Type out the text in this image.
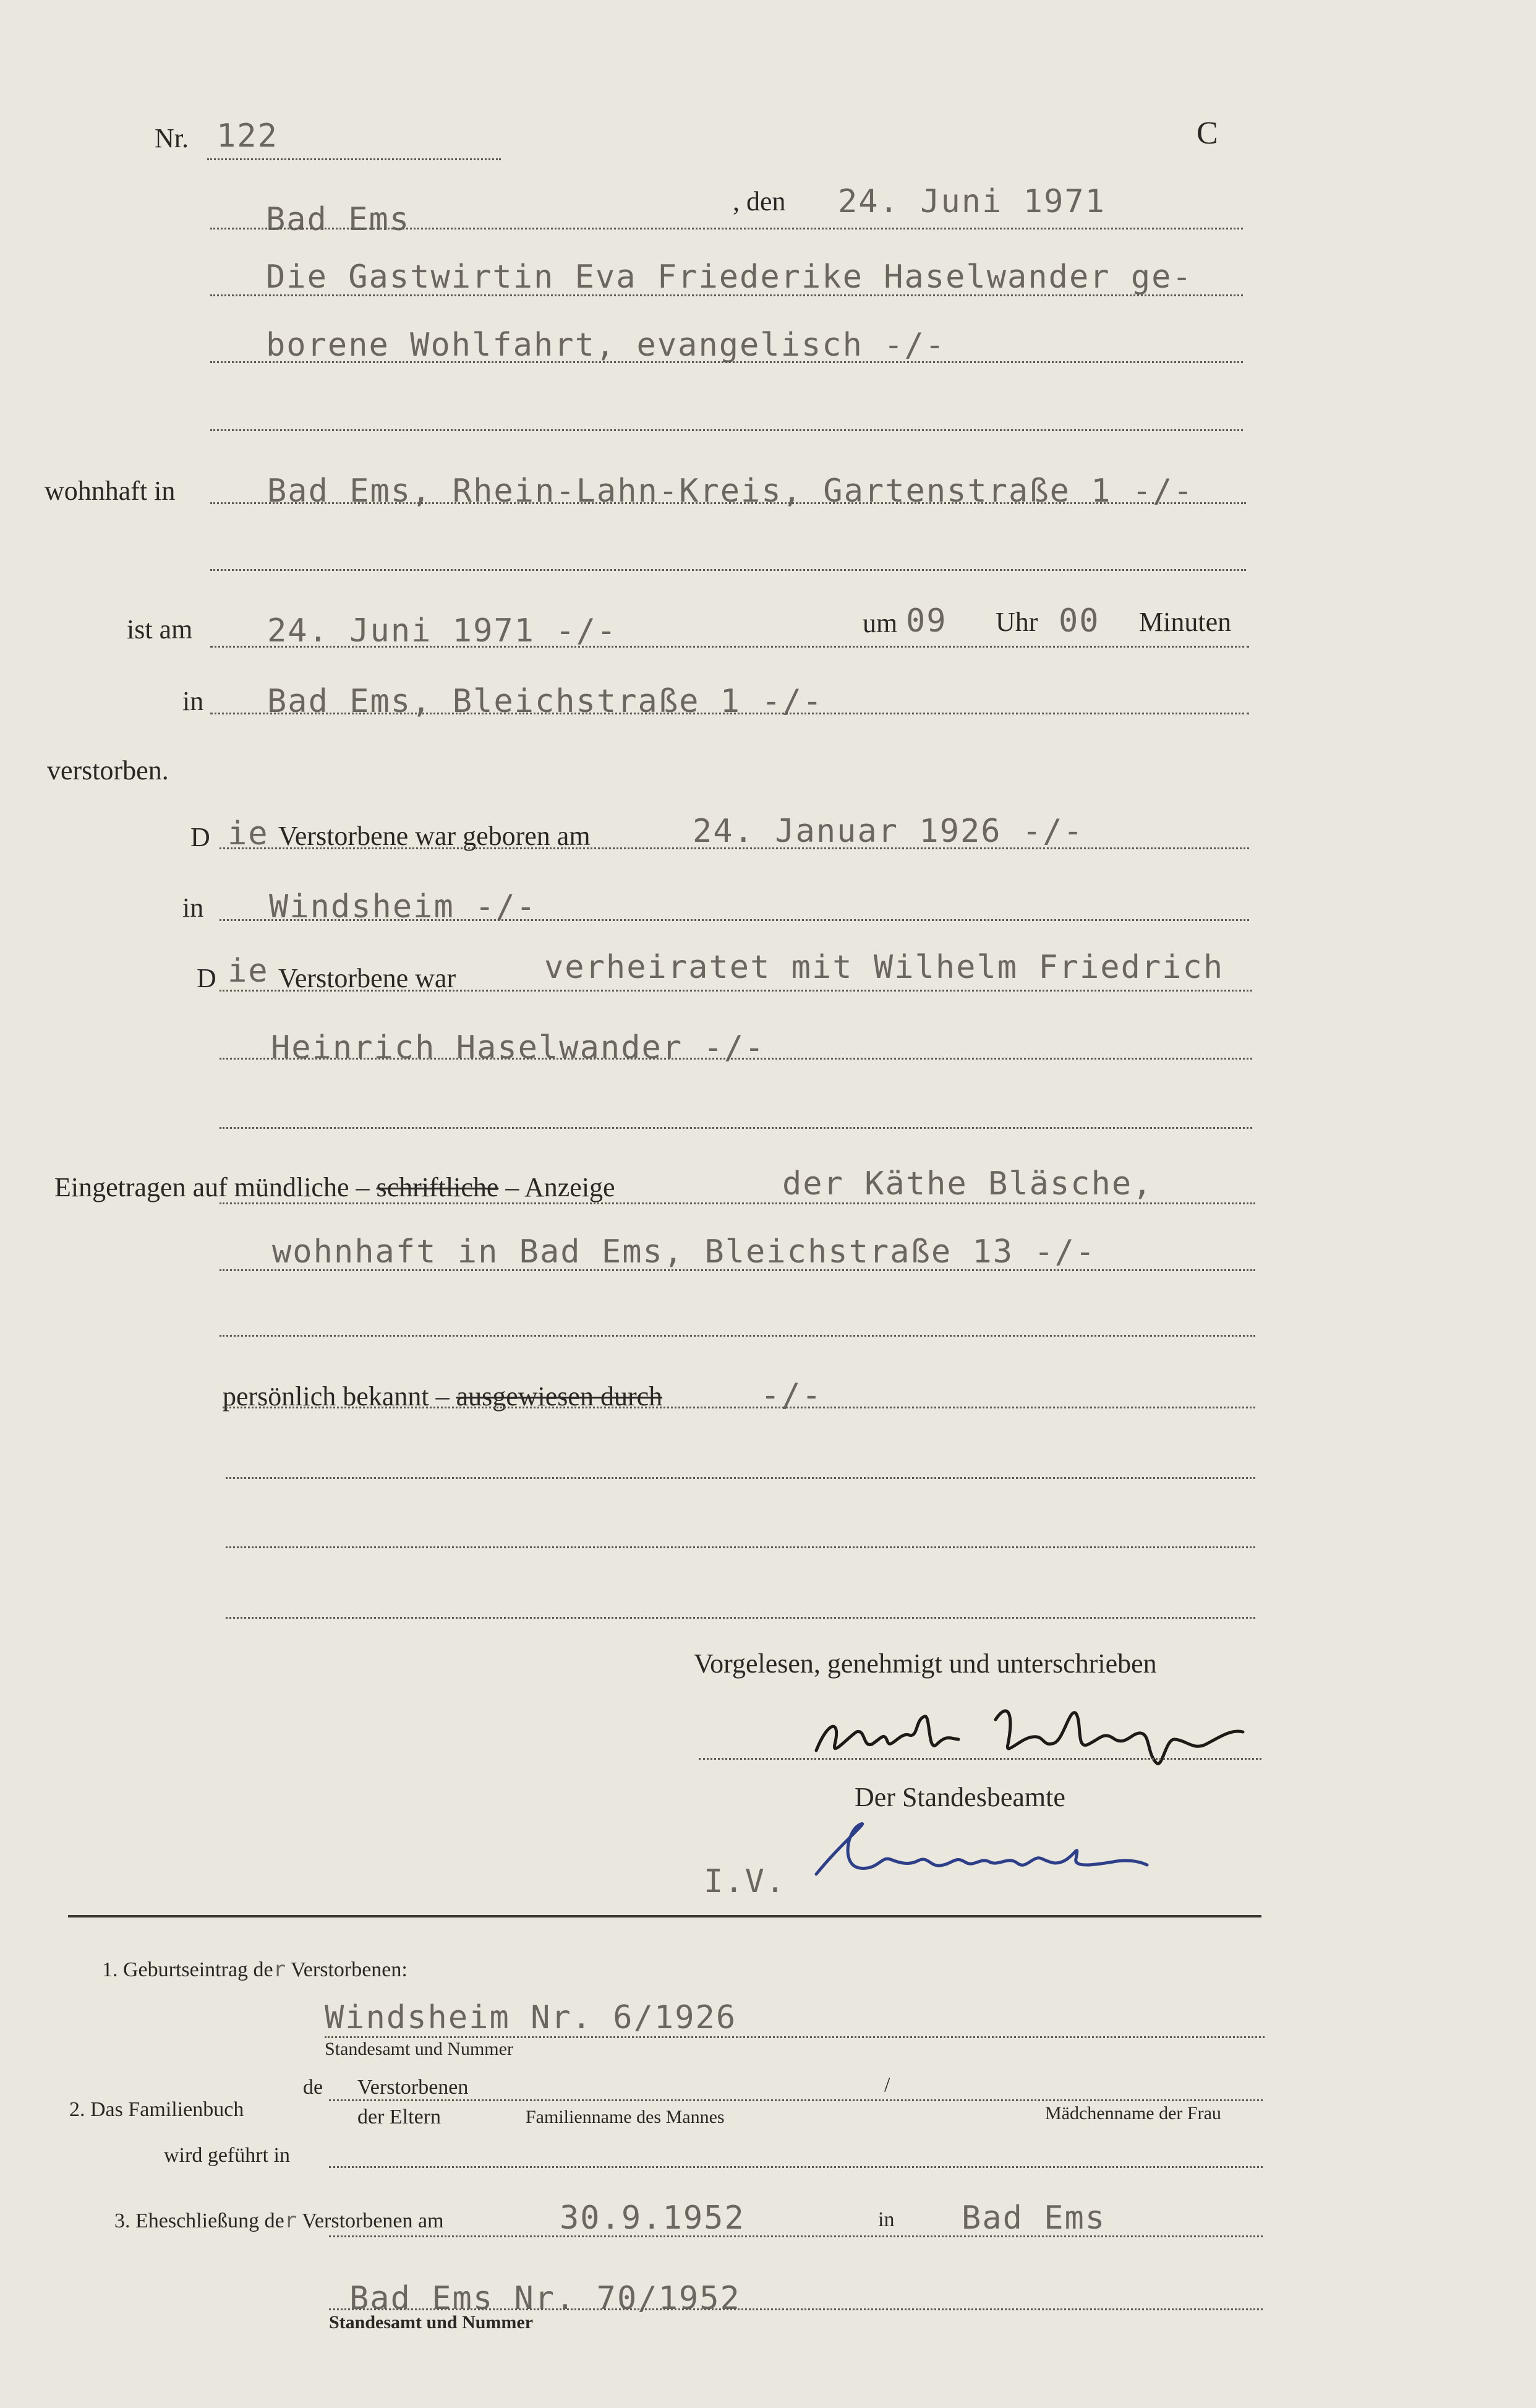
Nr. 122	C
Bad Ems	, den 24. Juni 1971
Die Gastwirtin Eva Friederike Haselwander ge-
borene Wohlfahrt, evangelisch -/-
wohnhaft in	Bad Ems, Rhein-Lahn-Kreis, Gartenstraße 1 -/-
ist am 24. Juni 1971 -/-	um 09 Uhr 00 Minuten
in Bad Ems, Bleichstraße 1 -/-
verstorben.
D ie Verstorbene war geboren am	24. Januar 1926 -/-
in Windsheim -/-
D ie Verstorbene war	verheiratet mit Wilhelm Friedrich
Heinrich Haselwander -/-
Eingetragen auf mündliche – schriftliche – Anzeige	der Käthe Bläsche,
wohnhaft in Bad Ems, Bleichstraße 13 -/-
persönlich bekannt – ausgewiesen durch	-/-
Vorgelesen, genehmigt und unterschrieben
Der Standesbeamte
I.V.
1. Geburtseintrag der Verstorbenen:
Windsheim Nr. 6/1926
Standesamt und Nummer
2. Das Familienbuch
de Verstorbenen	/
der Eltern	Familienname des Mannes	Mädchenname der Frau
wird geführt in
3. Eheschließung der Verstorbenen am	30.9.1952	in Bad Ems
Bad Ems Nr. 70/1952
Standesamt und Nummer
